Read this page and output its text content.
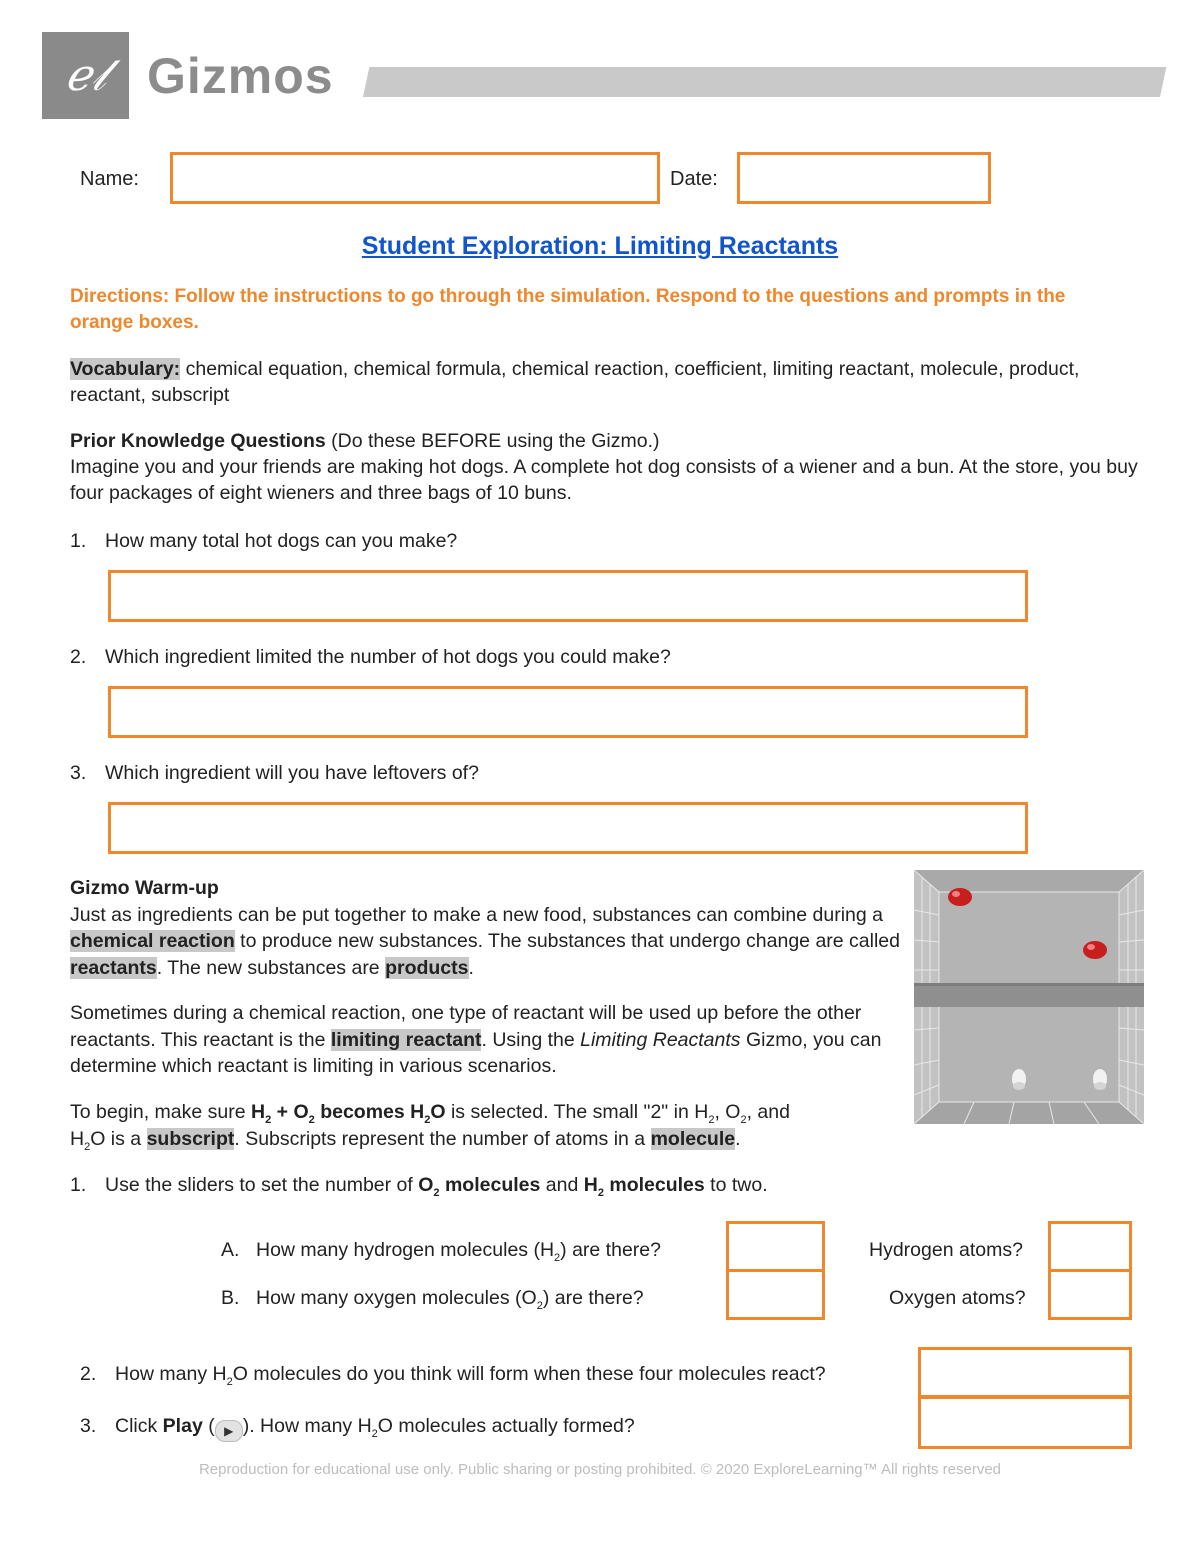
ℯ𝓁 Gizmos
Name:	Date:
Student Exploration: Limiting Reactants
Directions: Follow the instructions to go through the simulation. Respond to the questions and prompts in the orange boxes.
Vocabulary: chemical equation, chemical formula, chemical reaction, coefficient, limiting reactant, molecule, product, reactant, subscript
Prior Knowledge Questions (Do these BEFORE using the Gizmo.)
Imagine you and your friends are making hot dogs. A complete hot dog consists of a wiener and a bun. At the store, you buy four packages of eight wieners and three bags of 10 buns.
1. How many total hot dogs can you make?
2. Which ingredient limited the number of hot dogs you could make?
3. Which ingredient will you have leftovers of?
Gizmo Warm-up
Just as ingredients can be put together to make a new food, substances can combine during a chemical reaction to produce new substances. The substances that undergo change are called reactants. The new substances are products.
Sometimes during a chemical reaction, one type of reactant will be used up before the other reactants. This reactant is the limiting reactant. Using the Limiting Reactants Gizmo, you can determine which reactant is limiting in various scenarios.
To begin, make sure $H_2 + O_2$ becomes $H_2O$ is selected. The small "2" in $H_2$, $O_2$, and
$H_2O$ is a subscript. Subscripts represent the number of atoms in a molecule.
1. Use the sliders to set the number of $O_2$ molecules and $H_2$ molecules to two.
A. How many hydrogen molecules $(H_2)$ are there?	Hydrogen atoms?
B. How many oxygen molecules $(O_2)$ are there?	Oxygen atoms?
2. How many $H_2O$ molecules do you think will form when these four molecules react?
3. Click Play ( ▶ ). How many $H_2O$ molecules actually formed?
Reproduction for educational use only. Public sharing or posting prohibited. © 2020 ExploreLearning™ All rights reserved
